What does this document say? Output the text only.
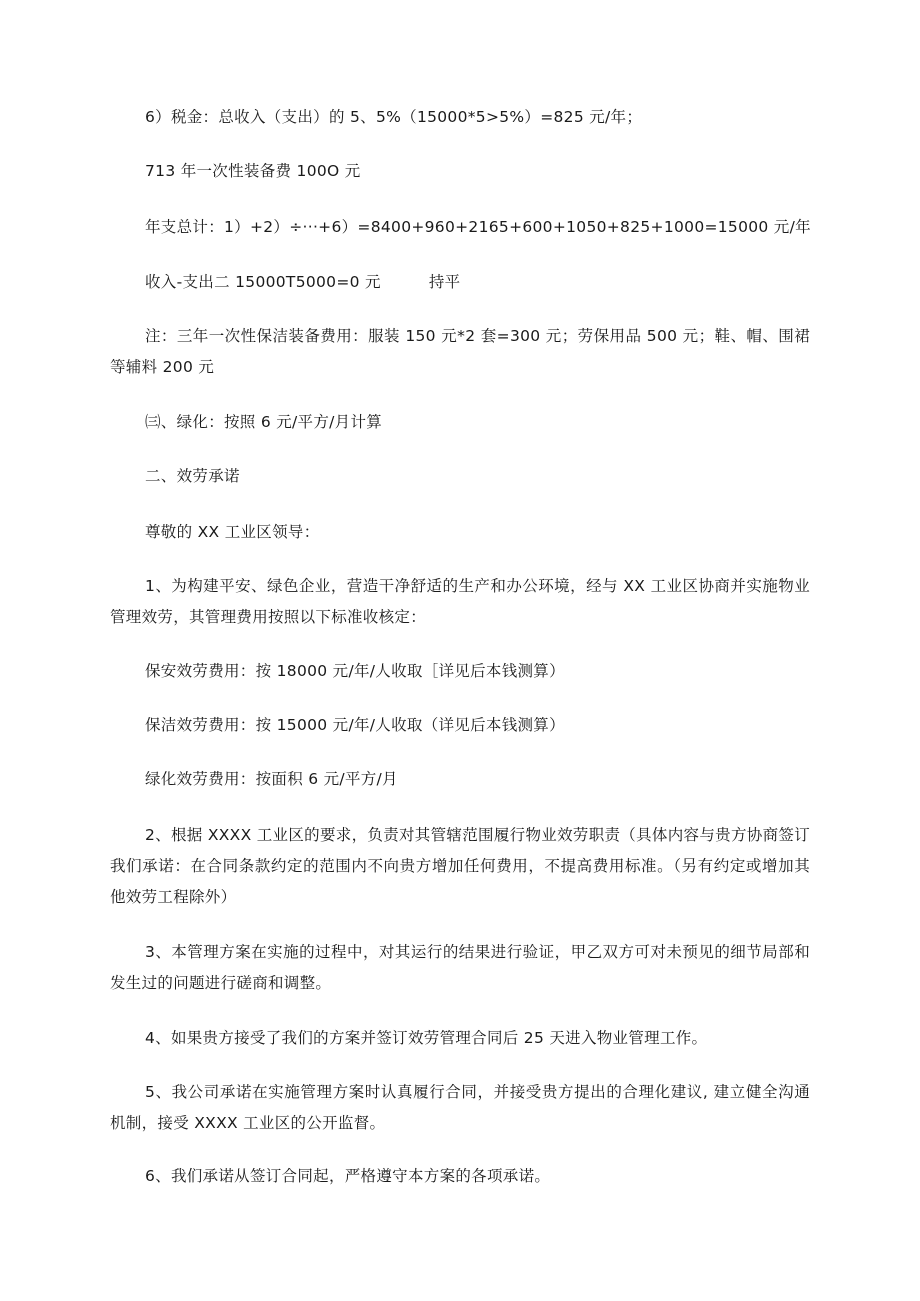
6）税金：总收入（支出）的 5、5%（15000*5>5%）=825 元/年；
713 年一次性装备费 100O 元
年支总计：1）+2）÷···+6）=8400+960+2165+600+1050+825+1000=15000 元/年
收入-支出二 15000T5000=0 元	持平
注：三年一次性保洁装备费用：服装 150 元*2 套=300 元；劳保用品 500 元；鞋、帽、围裙等辅料 200 元
㈢、绿化：按照 6 元/平方/月计算
二、效劳承诺
尊敬的 XX 工业区领导：
1、为构建平安、绿色企业，营造干净舒适的生产和办公环境，经与 XX 工业区协商并实施物业管理效劳，其管理费用按照以下标准收核定：
保安效劳费用：按 18000 元/年/人收取［详见后本钱测算）
保洁效劳费用：按 15000 元/年/人收取（详见后本钱测算）
绿化效劳费用：按面积 6 元/平方/月
2、根据 XXXX 工业区的要求，负责对其管辖范围履行物业效劳职责（具体内容与贵方协商签订我们承诺：在合同条款约定的范围内不向贵方增加任何费用，不提高费用标准。（另有约定或增加其他效劳工程除外）
3、本管理方案在实施的过程中，对其运行的结果进行验证，甲乙双方可对未预见的细节局部和发生过的问题进行磋商和调整。
4、如果贵方接受了我们的方案并签订效劳管理合同后 25 天进入物业管理工作。
5、我公司承诺在实施管理方案时认真履行合同，并接受贵方提出的合理化建议, 建立健全沟通机制，接受 XXXX 工业区的公开监督。
6、我们承诺从签订合同起，严格遵守本方案的各项承诺。
